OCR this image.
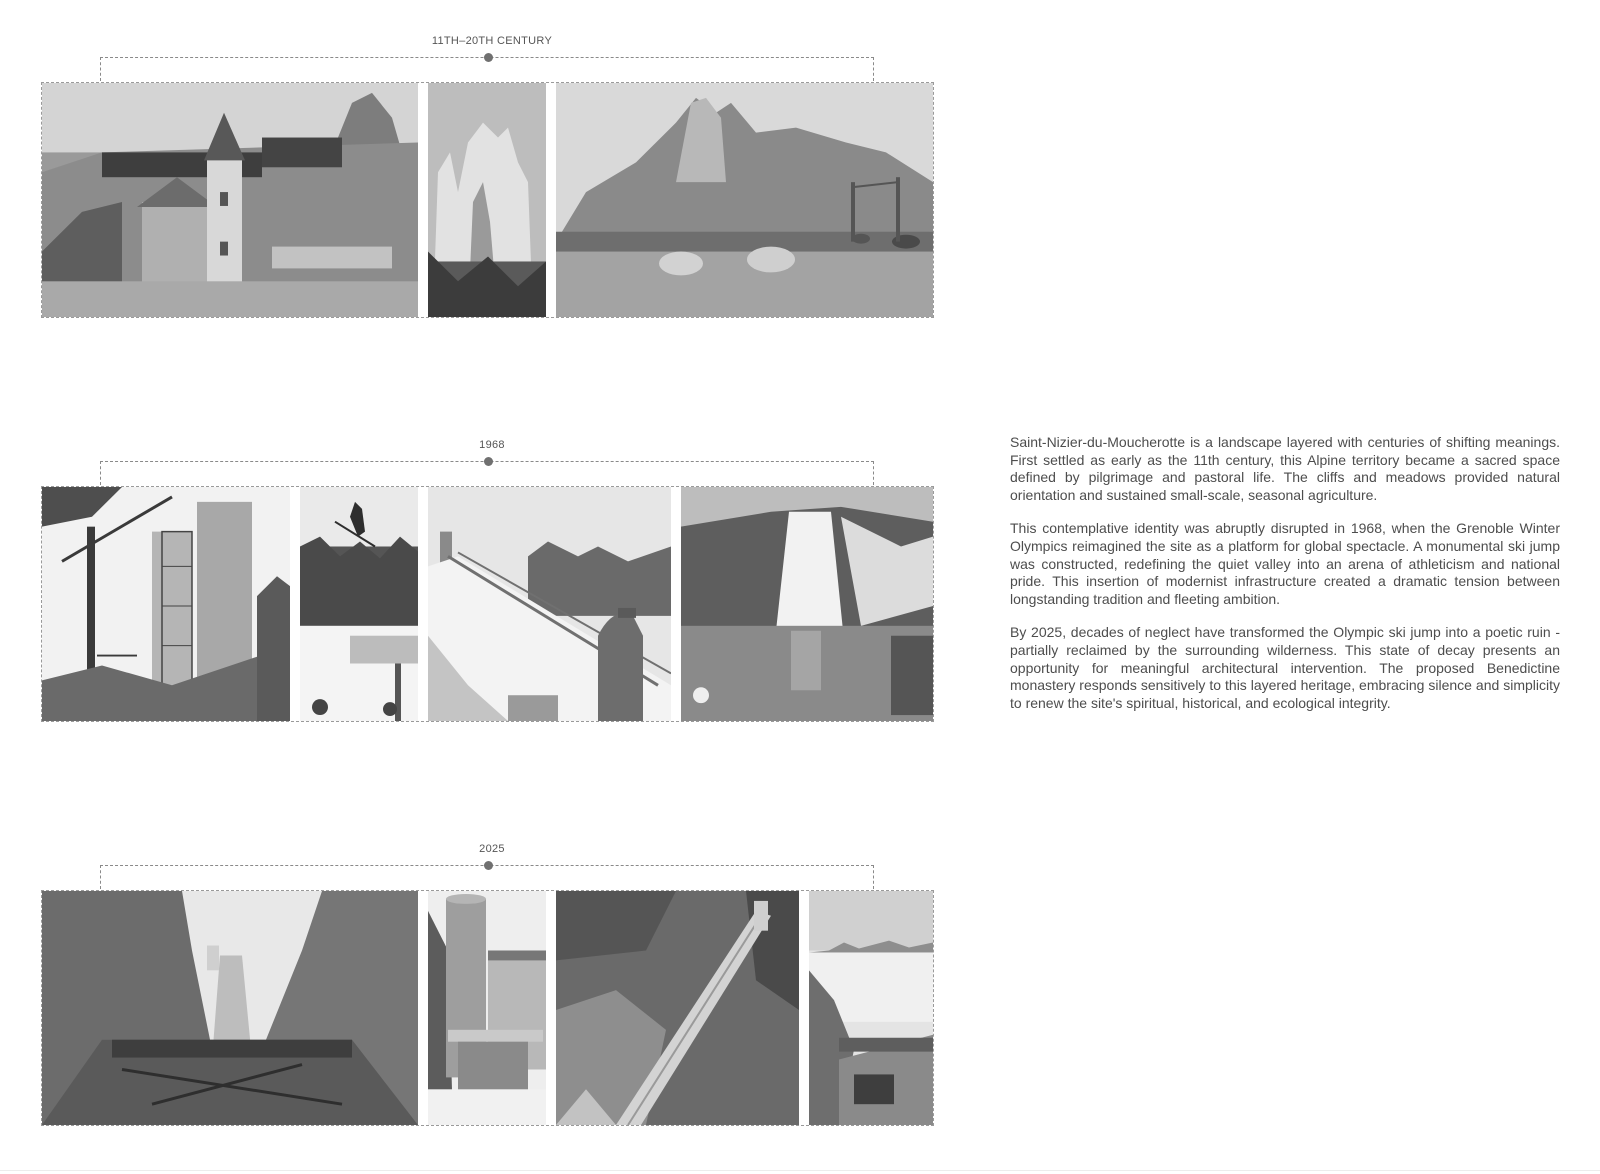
11TH–20TH CENTURY
1968
2025

Saint-Nizier-du-Moucherotte is a landscape layered with centuries of shifting meanings. First settled as early as the 11th century, this Alpine territory became a sacred space defined by pilgrimage and pastoral life. The cliffs and meadows provided natural orientation and sustained small-scale, seasonal agriculture.

This contemplative identity was abruptly disrupted in 1968, when the Grenoble Winter Olympics reimagined the site as a platform for global spectacle. A monumental ski jump was constructed, redefining the quiet valley into an arena of athleticism and national pride. This insertion of modernist infrastructure created a dramatic tension between longstanding tradition and fleeting ambition.

By 2025, decades of neglect have transformed the Olympic ski jump into a poetic ruin - partially reclaimed by the surrounding wilderness. This state of decay presents an opportunity for meaningful architectural intervention. The proposed Benedictine monastery responds sensitively to this layered heritage, embracing silence and simplicity to renew the site's spiritual, historical, and ecological integrity.
